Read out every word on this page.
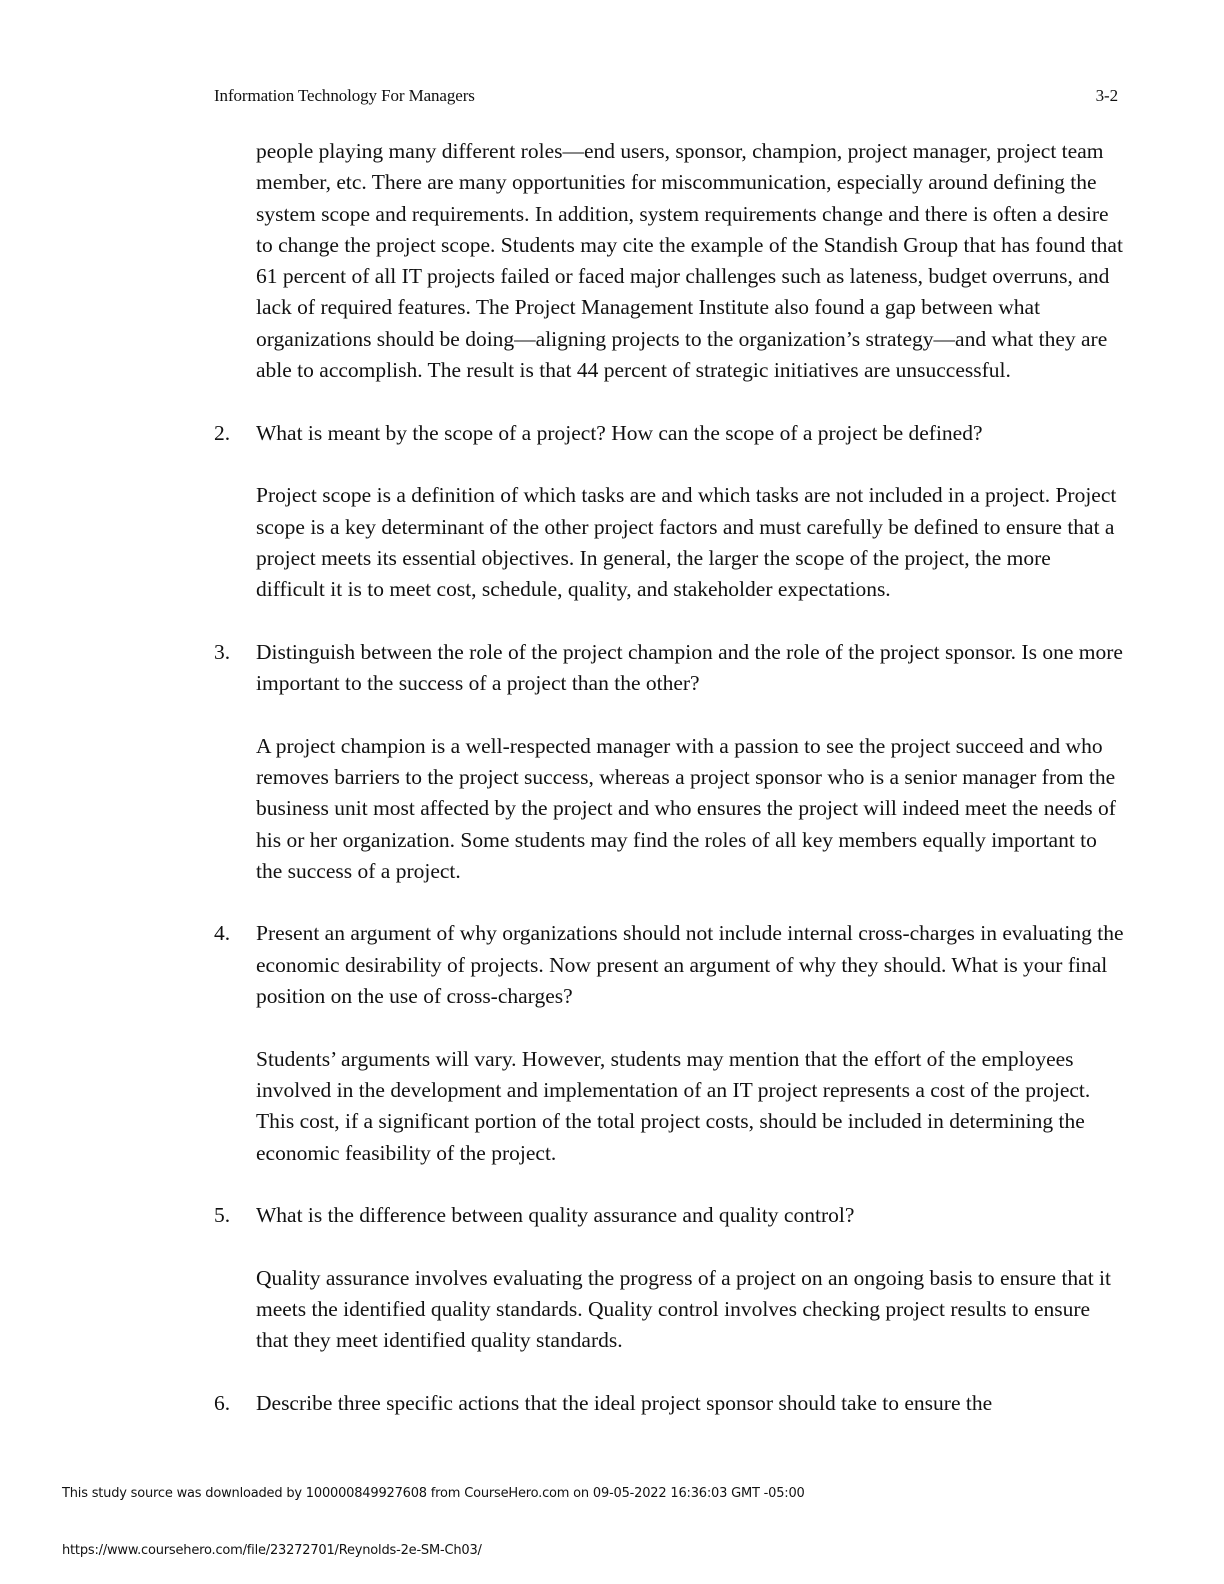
Information Technology For Managers	3-2

people playing many different roles—end users, sponsor, champion, project manager, project team member, etc. There are many opportunities for miscommunication, especially around defining the system scope and requirements. In addition, system requirements change and there is often a desire to change the project scope. Students may cite the example of the Standish Group that has found that 61 percent of all IT projects failed or faced major challenges such as lateness, budget overruns, and lack of required features. The Project Management Institute also found a gap between what organizations should be doing—aligning projects to the organization’s strategy—and what they are able to accomplish. The result is that 44 percent of strategic initiatives are unsuccessful.

2. What is meant by the scope of a project? How can the scope of a project be defined?

Project scope is a definition of which tasks are and which tasks are not included in a project. Project scope is a key determinant of the other project factors and must carefully be defined to ensure that a project meets its essential objectives. In general, the larger the scope of the project, the more difficult it is to meet cost, schedule, quality, and stakeholder expectations.

3. Distinguish between the role of the project champion and the role of the project sponsor. Is one more important to the success of a project than the other?

A project champion is a well-respected manager with a passion to see the project succeed and who removes barriers to the project success, whereas a project sponsor who is a senior manager from the business unit most affected by the project and who ensures the project will indeed meet the needs of his or her organization. Some students may find the roles of all key members equally important to the success of a project.

4. Present an argument of why organizations should not include internal cross-charges in evaluating the economic desirability of projects. Now present an argument of why they should. What is your final position on the use of cross-charges?

Students’ arguments will vary. However, students may mention that the effort of the employees involved in the development and implementation of an IT project represents a cost of the project. This cost, if a significant portion of the total project costs, should be included in determining the economic feasibility of the project.

5. What is the difference between quality assurance and quality control?

Quality assurance involves evaluating the progress of a project on an ongoing basis to ensure that it meets the identified quality standards. Quality control involves checking project results to ensure that they meet identified quality standards.

6. Describe three specific actions that the ideal project sponsor should take to ensure the
This study source was downloaded by 100000849927608 from CourseHero.com on 09-05-2022 16:36:03 GMT -05:00
https://www.coursehero.com/file/23272701/Reynolds-2e-SM-Ch03/
